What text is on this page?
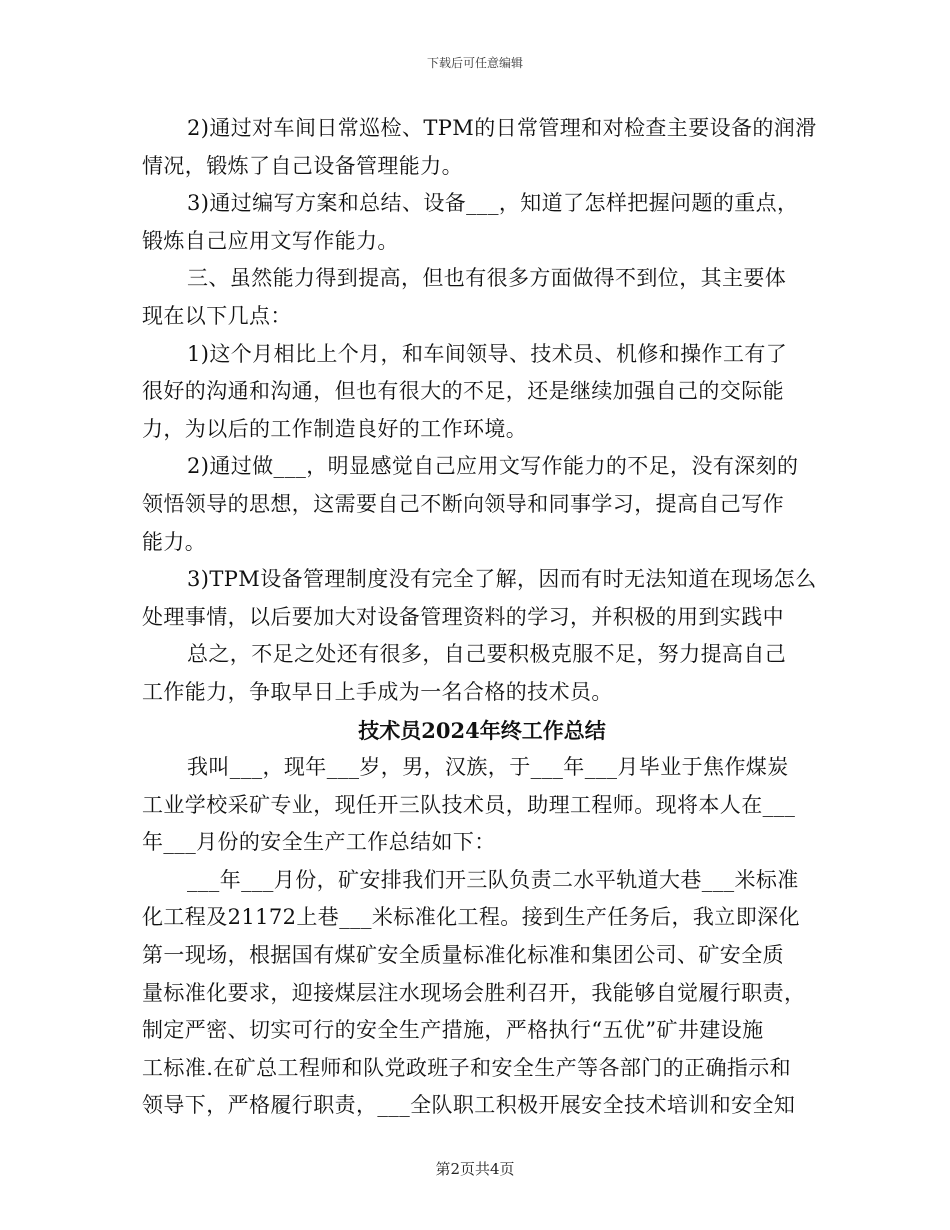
下载后可任意编辑
2)通过对车间日常巡检、TPM的日常管理和对检查主要设备的润滑
情况，锻炼了自己设备管理能力。
3)通过编写方案和总结、设备___，知道了怎样把握问题的重点，
锻炼自己应用文写作能力。
三、虽然能力得到提高，但也有很多方面做得不到位，其主要体
现在以下几点：
1)这个月相比上个月，和车间领导、技术员、机修和操作工有了
很好的沟通和沟通，但也有很大的不足，还是继续加强自己的交际能
力，为以后的工作制造良好的工作环境。
2)通过做___，明显感觉自己应用文写作能力的不足，没有深刻的
领悟领导的思想，这需要自己不断向领导和同事学习，提高自己写作
能力。
3)TPM设备管理制度没有完全了解，因而有时无法知道在现场怎么
处理事情，以后要加大对设备管理资料的学习，并积极的用到实践中
总之，不足之处还有很多，自己要积极克服不足，努力提高自己
工作能力，争取早日上手成为一名合格的技术员。
技术员2024年终工作总结
我叫___，现年___岁，男，汉族，于___年___月毕业于焦作煤炭
工业学校采矿专业，现任开三队技术员，助理工程师。现将本人在___
年___月份的安全生产工作总结如下：
___年___月份，矿安排我们开三队负责二水平轨道大巷___米标准
化工程及21172上巷___米标准化工程。接到生产任务后，我立即深化
第一现场，根据国有煤矿安全质量标准化标准和集团公司、矿安全质
量标准化要求，迎接煤层注水现场会胜利召开，我能够自觉履行职责，
制定严密、切实可行的安全生产措施，严格执行“五优”矿井建设施
工标准.在矿总工程师和队党政班子和安全生产等各部门的正确指示和
领导下，严格履行职责，___全队职工积极开展安全技术培训和安全知
第2页共4页
